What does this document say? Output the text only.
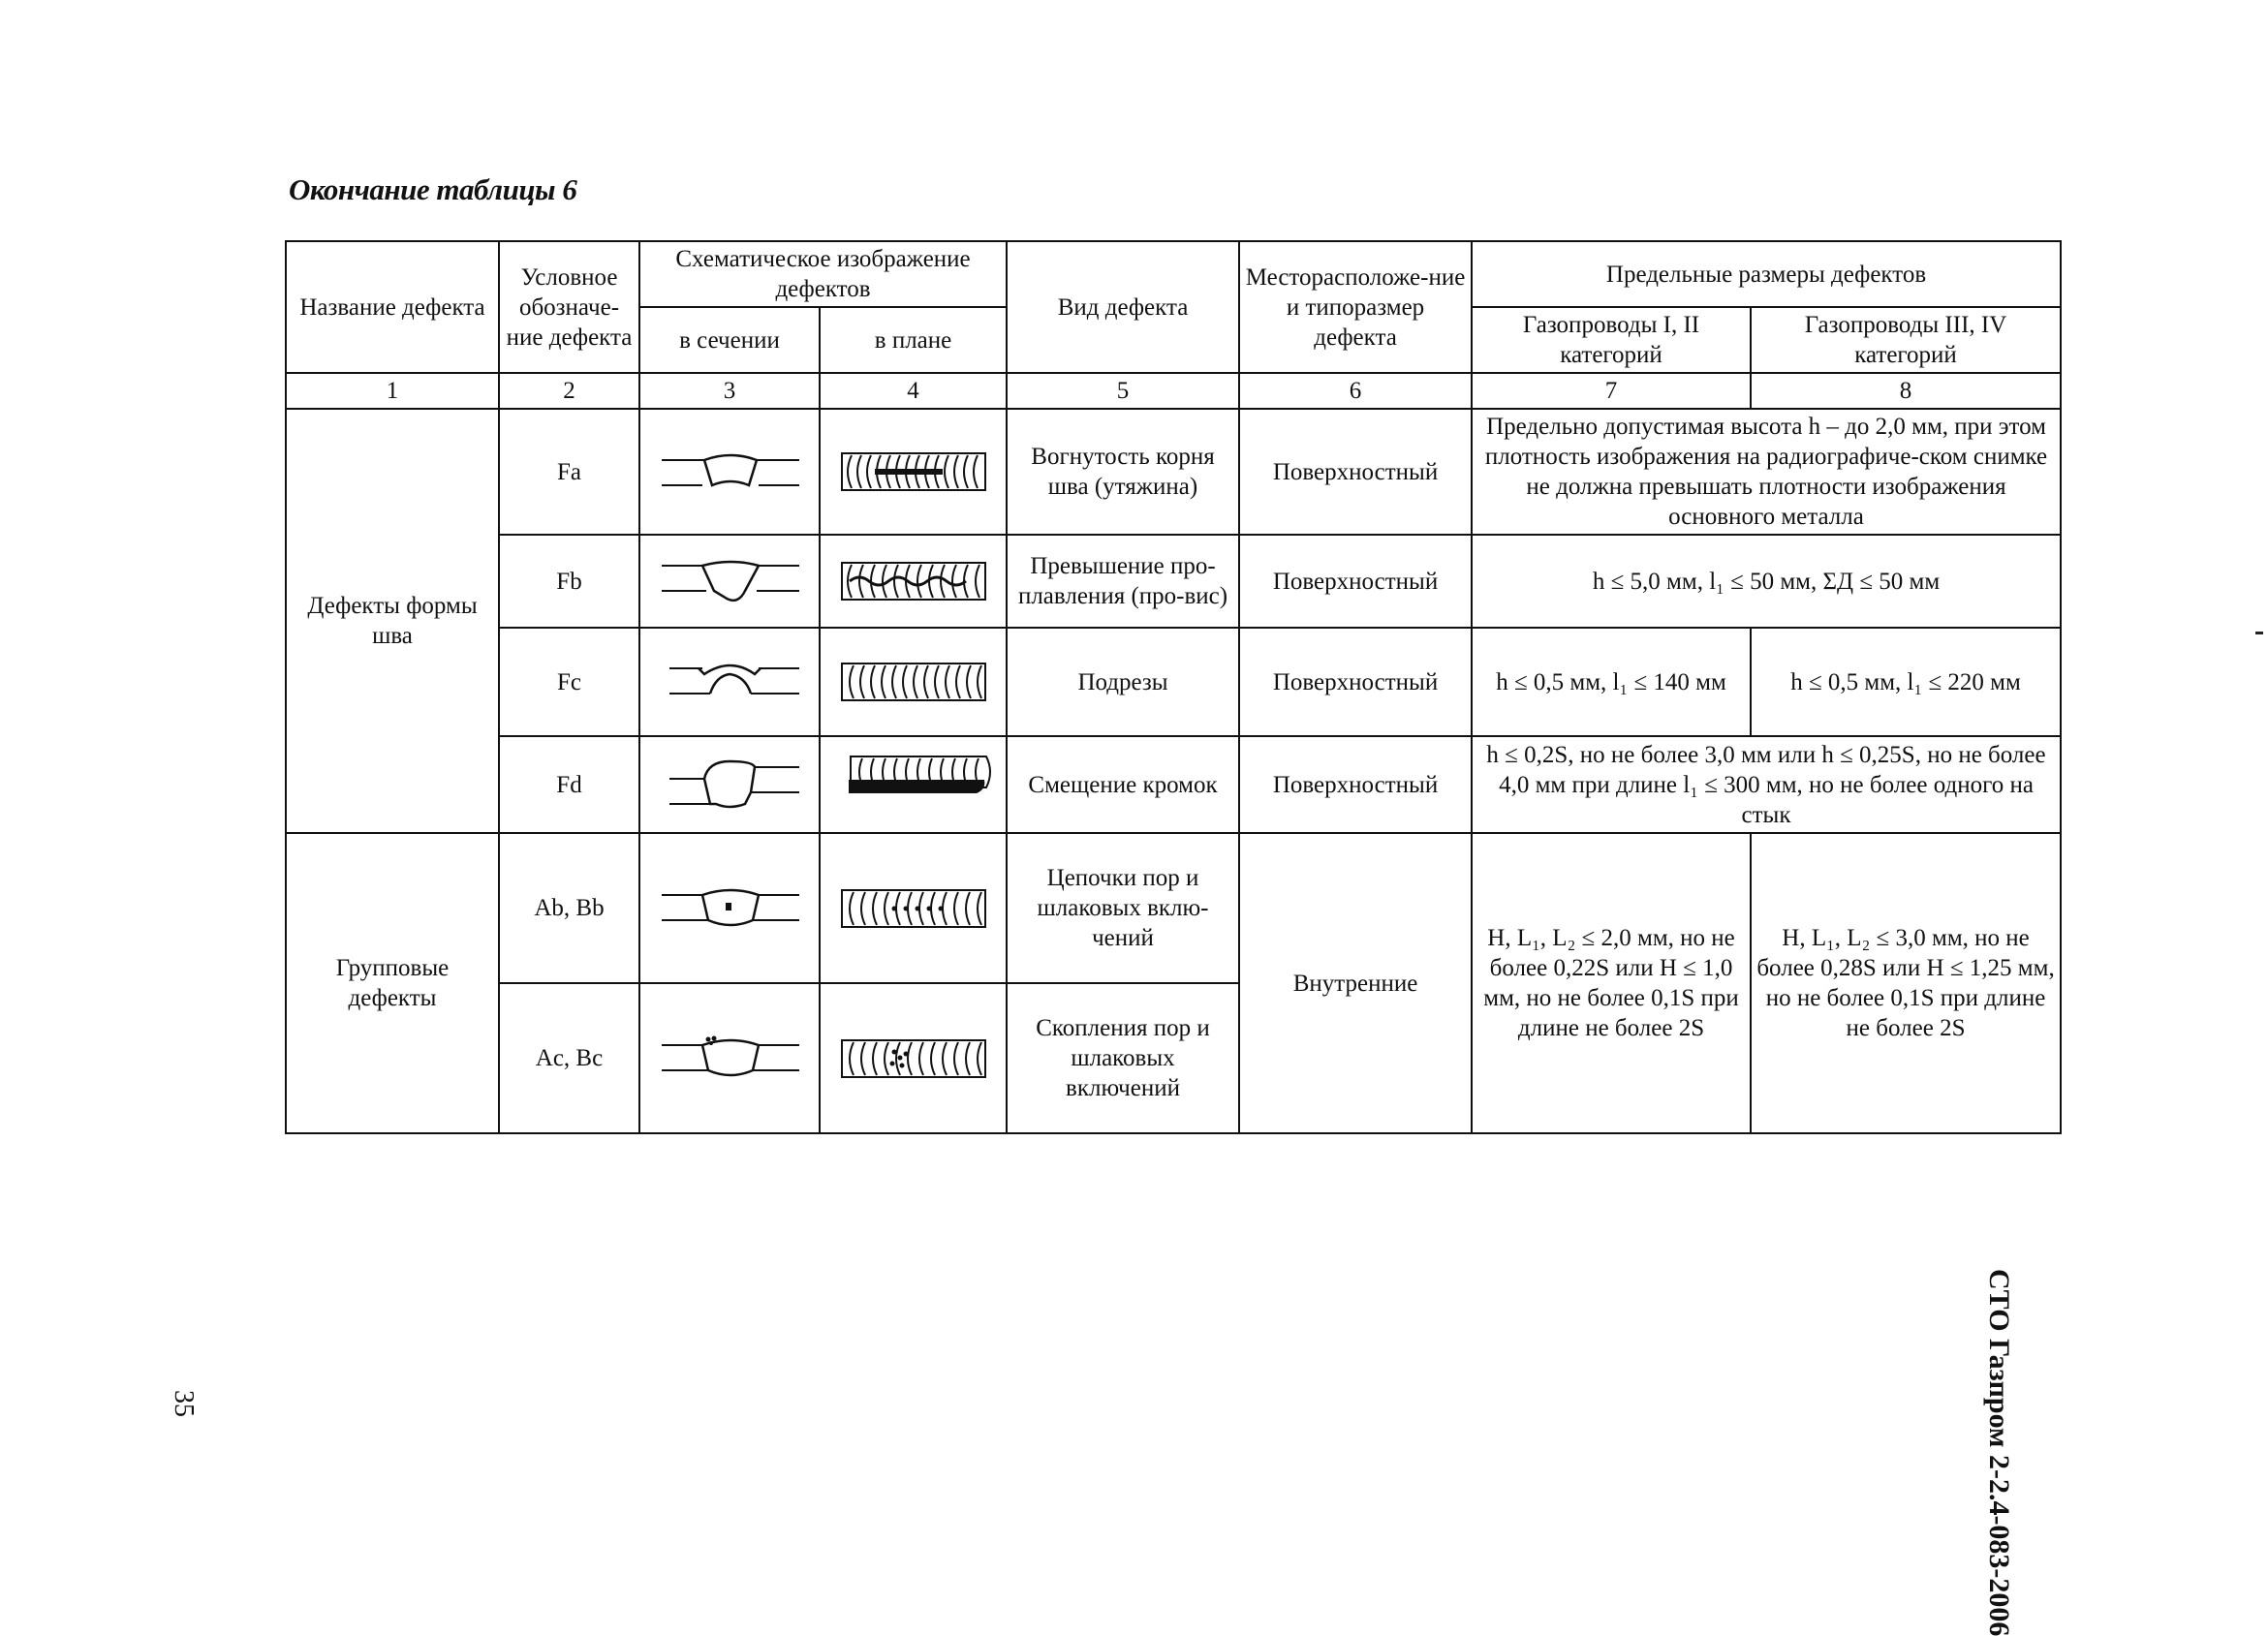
Окончание таблицы 6
Название дефекта	Условное обозначе-ние дефекта	Схематическое изображение дефектов		Вид дефекта	Месторасположе-ние и типоразмер дефекта	Предельные размеры дефектов	
		в сечении	в плане			Газопроводы I, II категорий	Газопроводы III, IV категорий
1	2	3	4	5	6	7	8
Дефекты формы шва	Fa			Вогнутость корня шва (утяжина)	Поверхностный	Предельно допустимая высота h – до 2,0 мм, при этом плотность изображения на радиографиче-ском снимке не должна превышать плотности изображения основного металла	
	Fb			Превышение про-плавления (про-вис)	Поверхностный	h ≤ 5,0 мм, l₁ ≤ 50 мм, ΣД ≤ 50 мм	
	Fc			Подрезы	Поверхностный	h ≤ 0,5 мм, l₁ ≤ 140 мм	h ≤ 0,5 мм, l₁ ≤ 220 мм
	Fd			Смещение кромок	Поверхностный	h ≤ 0,2S, но не более 3,0 мм или h ≤ 0,25S, но не более 4,0 мм при длине l₁ ≤ 300 мм, но не более одного на стык	
Групповые дефекты	Ab, Bb			Цепочки пор и шлаковых вклю-чений	Внутренние	H, L₁, L₂ ≤ 2,0 мм, но не более 0,22S или H ≤ 1,0 мм, но не более 0,1S при длине не более 2S	H, L₁, L₂ ≤ 3,0 мм, но не более 0,28S или H ≤ 1,25 мм, но не более 0,1S при длине не более 2S
	Ac, Bc			Скопления пор и шлаковых включений			
СТО Газпром 2-2.4-083-2006
35
